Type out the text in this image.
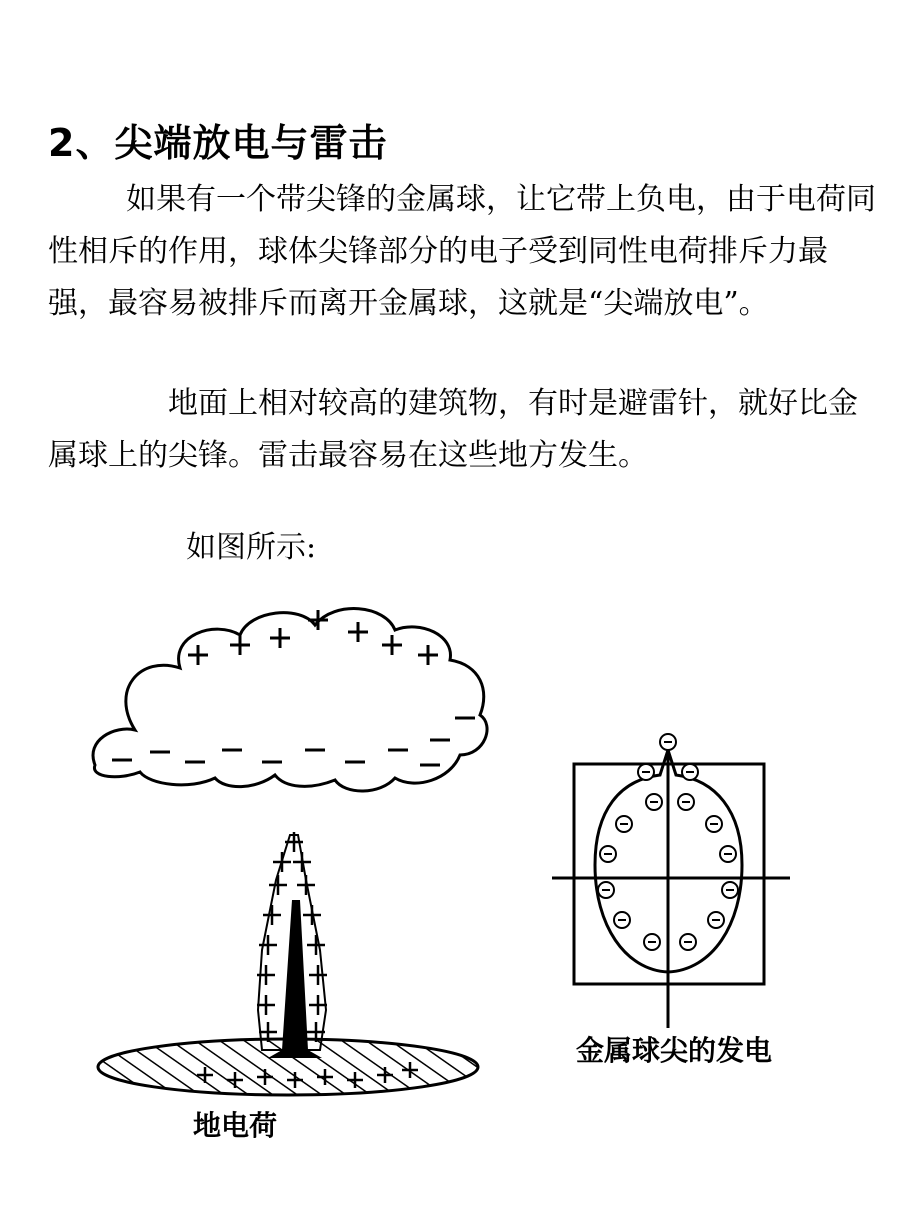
2、尖端放电与雷击
如果有一个带尖锋的金属球，让它带上负电，由于电荷同性相斥的作用，球体尖锋部分的电子受到同性电荷排斥力最强，最容易被排斥而离开金属球，这就是“尖端放电”。
地面上相对较高的建筑物，有时是避雷针，就好比金属球上的尖锋。雷击最容易在这些地方发生。
如图所示:
地电荷
金属球尖的发电
